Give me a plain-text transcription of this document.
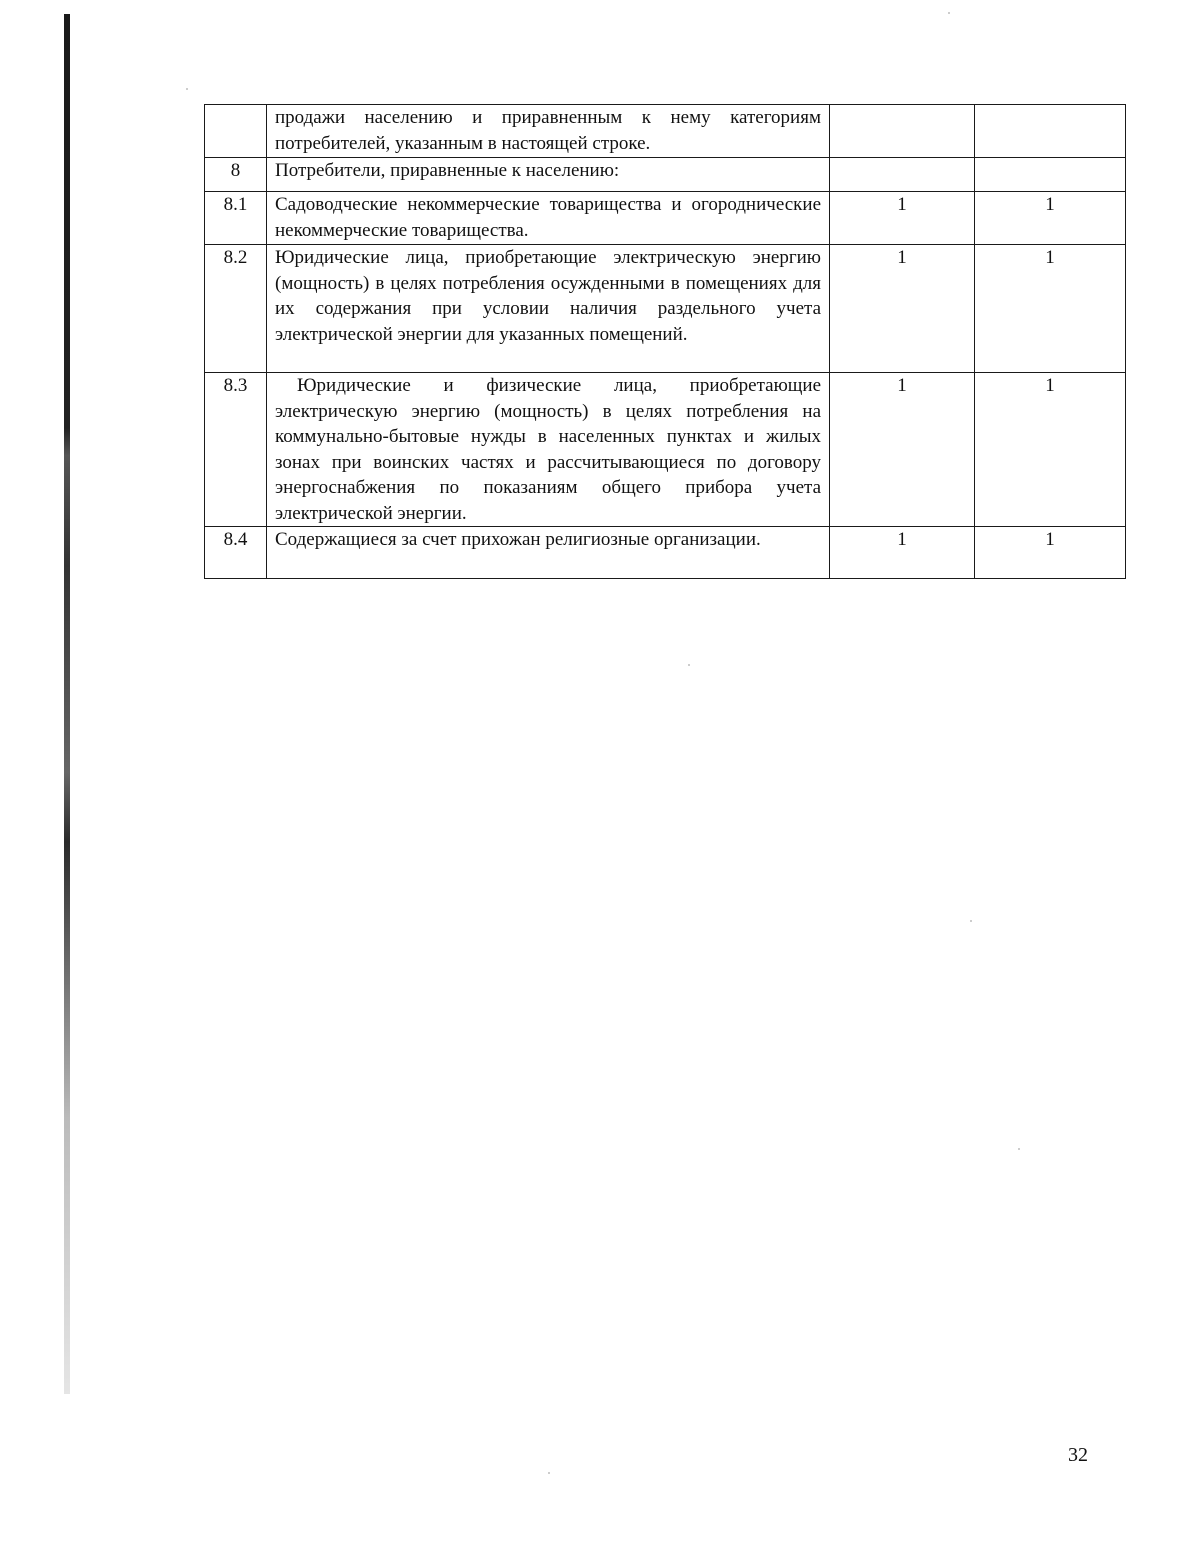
	продажи населению и приравненным к нему категориям потребителей, указанным в настоящей строке.		
8	Потребители, приравненные к населению:		
8.1	Садоводческие некоммерческие товарищества и огороднические некоммерческие товарищества.	1	1
8.2	Юридические лица, приобретающие электрическую энергию (мощность) в целях потребления осужденными в помещениях для их содержания при условии наличия раздельного учета электрической энергии для указанных помещений.	1	1
8.3	Юридические и физические лица, приобретающие электрическую энергию (мощность) в целях потребления на коммунально-бытовые нужды в населенных пунктах и жилых зонах при воинских частях и рассчитывающиеся по договору энергоснабжения по показаниям общего прибора учета электрической энергии.	1	1
8.4	Содержащиеся за счет прихожан религиозные организации.	1	1
32
